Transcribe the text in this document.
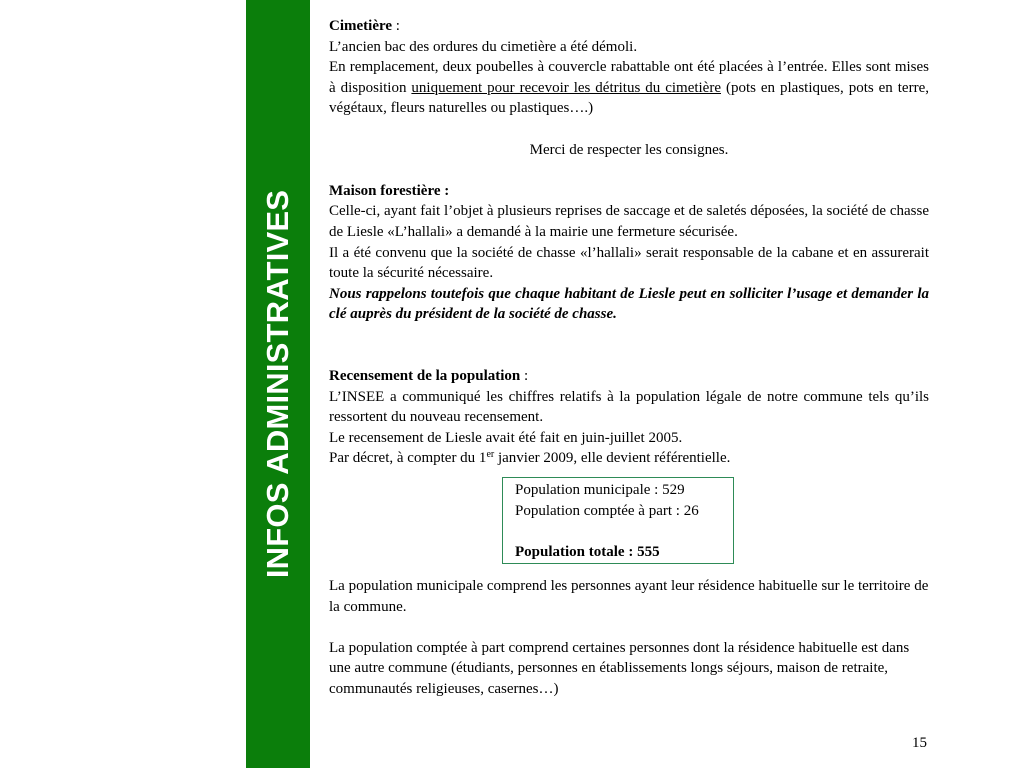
INFOS ADMINISTRATIVES

Cimetière :

L’ancien bac des ordures du cimetière a été démoli.

En remplacement, deux poubelles à couvercle rabattable ont été placées à l’entrée. Elles sont mises à disposition uniquement pour recevoir les détritus du cimetière (pots en plastiques, pots en terre, végétaux, fleurs naturelles ou plastiques….)

Merci de respecter les consignes.

Maison forestière :

Celle-ci, ayant fait l’objet à plusieurs reprises de saccage et de saletés déposées, la société de chasse de Liesle «L’hallali» a demandé à la mairie une fermeture sécurisée.

Il a été convenu que la société de chasse «l’hallali» serait responsable de la cabane et en assurerait toute la sécurité nécessaire.

Nous rappelons toutefois que chaque habitant de Liesle peut en solliciter l’usage et demander la clé auprès du président de la société de chasse.

Recensement de la population :

L’INSEE a communiqué les chiffres relatifs à la population légale de notre commune tels qu’ils ressortent du nouveau recensement.

Le recensement de Liesle avait été fait en juin-juillet 2005.

Par décret, à compter du 1er janvier 2009, elle devient référentielle.

Population municipale : 529

Population comptée à part : 26

Population totale : 555

La population municipale comprend les personnes ayant leur résidence habituelle sur le territoire de la commune.

La population comptée à part comprend certaines personnes dont la résidence habituelle est dans une autre commune (étudiants, personnes en établissements longs séjours, maison de retraite, communautés religieuses, casernes…)

15
